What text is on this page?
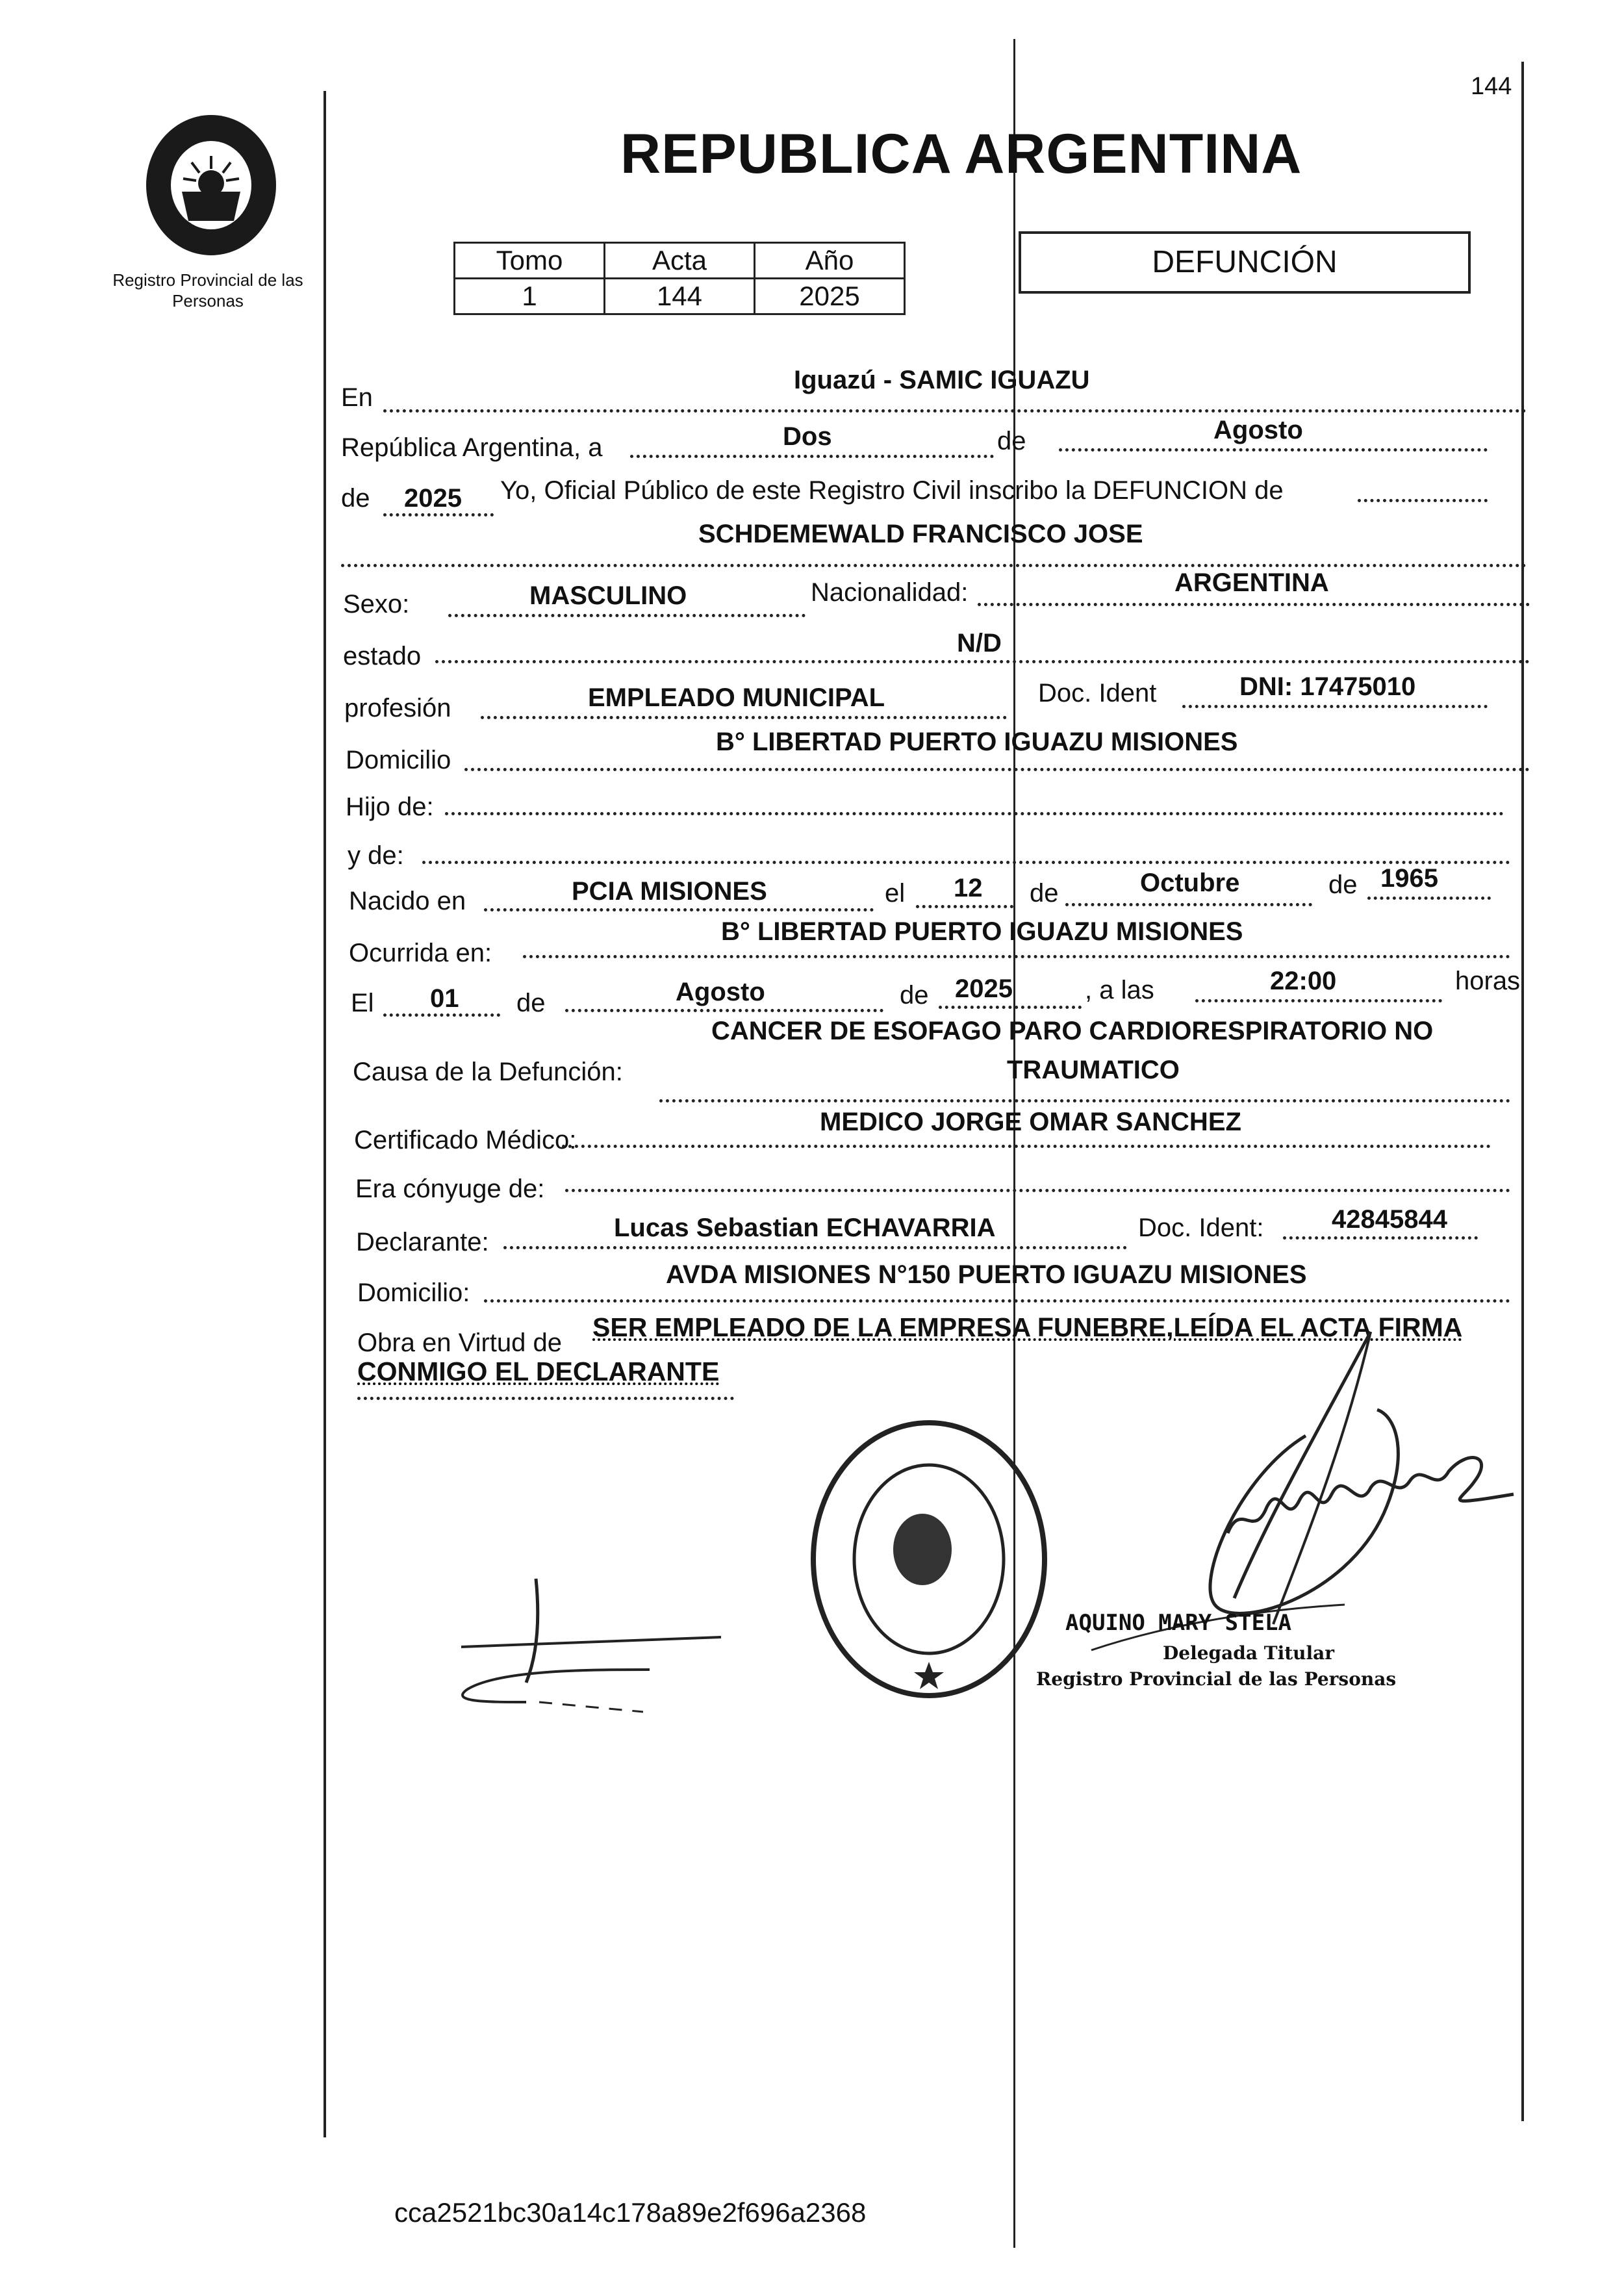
144
Registro Provincial de las Personas
REPUBLICA ARGENTINA
Tomo	Acta	Año
1	144	2025
DEFUNCIÓN
En
Iguazú - SAMIC IGUAZU
República Argentina, a	Dos	de	Agosto
de 2025 Yo, Oficial Público de este Registro Civil inscribo la DEFUNCION de
SCHDEMEWALD FRANCISCO JOSE
Sexo:	MASCULINO	Nacionalidad:	ARGENTINA
estado	N/D
profesión	EMPLEADO MUNICIPAL	Doc. Ident	DNI: 17475010
Domicilio
B° LIBERTAD PUERTO IGUAZU MISIONES
Hijo de:
y de:
Nacido en	PCIA MISIONES	el 12 de	Octubre	de 1965
Ocurrida en:
B° LIBERTAD PUERTO IGUAZU MISIONES
El 01 de	Agosto	de 2025	, a las	22:00	horas
Causa de la Defunción:
CANCER DE ESOFAGO PARO CARDIORESPIRATORIO NO
TRAUMATICO
Certificado Médico:
MEDICO JORGE OMAR SANCHEZ
Era cónyuge de:
Declarante:	Lucas Sebastian ECHAVARRIA	Doc. Ident:	42845844
Domicilio:
AVDA MISIONES N°150 PUERTO IGUAZU MISIONES
Obra en Virtud de
SER EMPLEADO DE LA EMPRESA FUNEBRE,LEÍDA EL ACTA FIRMA
CONMIGO EL DECLARANTE
AQUINO MARY STELA
Delegada Titular
Registro Provincial de las Personas
cca2521bc30a14c178a89e2f696a2368
